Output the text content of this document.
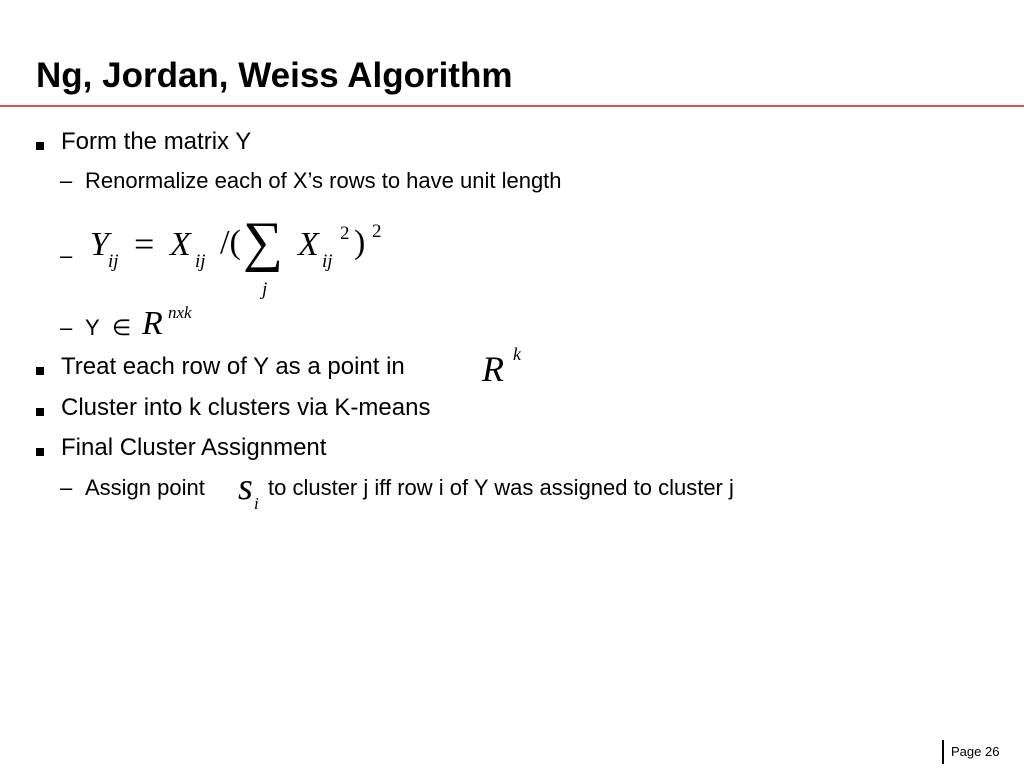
Ng, Jordan, Weiss Algorithm
Form the matrix Y
– Renormalize each of X’s rows to have unit length
– Y ij = X ij
/( ∑
j
X ij
2 ) 2
– Y ∈ R nxk
Treat each row of Y as a point in R k
Cluster into k clusters via K-means
Final Cluster Assignment
– Assign point s i
to cluster j iff row i of Y was assigned to cluster j
Page 26
